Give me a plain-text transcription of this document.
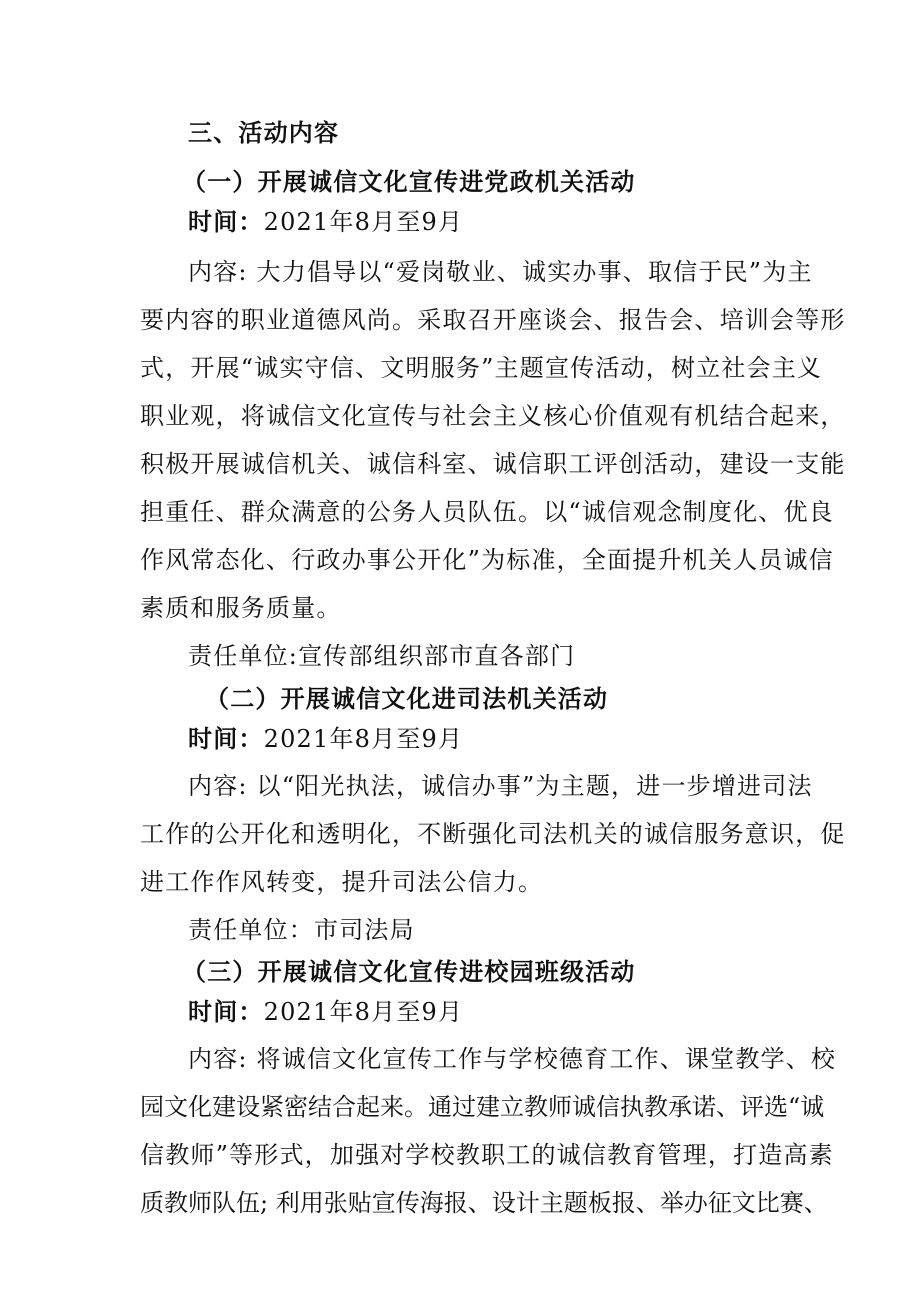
三、活动内容

（一）开展诚信文化宣传进党政机关活动

时间：2021年8月至9月

内容: 大力倡导以“爱岗敬业、诚实办事、取信于民”为主

要内容的职业道德风尚。采取召开座谈会、报告会、培训会等形

式，开展“诚实守信、文明服务”主题宣传活动，树立社会主义

职业观，将诚信文化宣传与社会主义核心价值观有机结合起来，

积极开展诚信机关、诚信科室、诚信职工评创活动，建设一支能

担重任、群众满意的公务人员队伍。以“诚信观念制度化、优良

作风常态化、行政办事公开化”为标准，全面提升机关人员诚信

素质和服务质量。

责任单位:宣传部组织部市直各部门

（二）开展诚信文化进司法机关活动

时间：2021年8月至9月

内容: 以“阳光执法，诚信办事”为主题，进一步增进司法

工作的公开化和透明化，不断强化司法机关的诚信服务意识，促

进工作作风转变，提升司法公信力。

责任单位：市司法局

（三）开展诚信文化宣传进校园班级活动

时间：2021年8月至9月

内容: 将诚信文化宣传工作与学校德育工作、课堂教学、校

园文化建设紧密结合起来。通过建立教师诚信执教承诺、评选“诚

信教师”等形式，加强对学校教职工的诚信教育管理，打造高素

质教师队伍; 利用张贴宣传海报、设计主题板报、举办征文比赛、
